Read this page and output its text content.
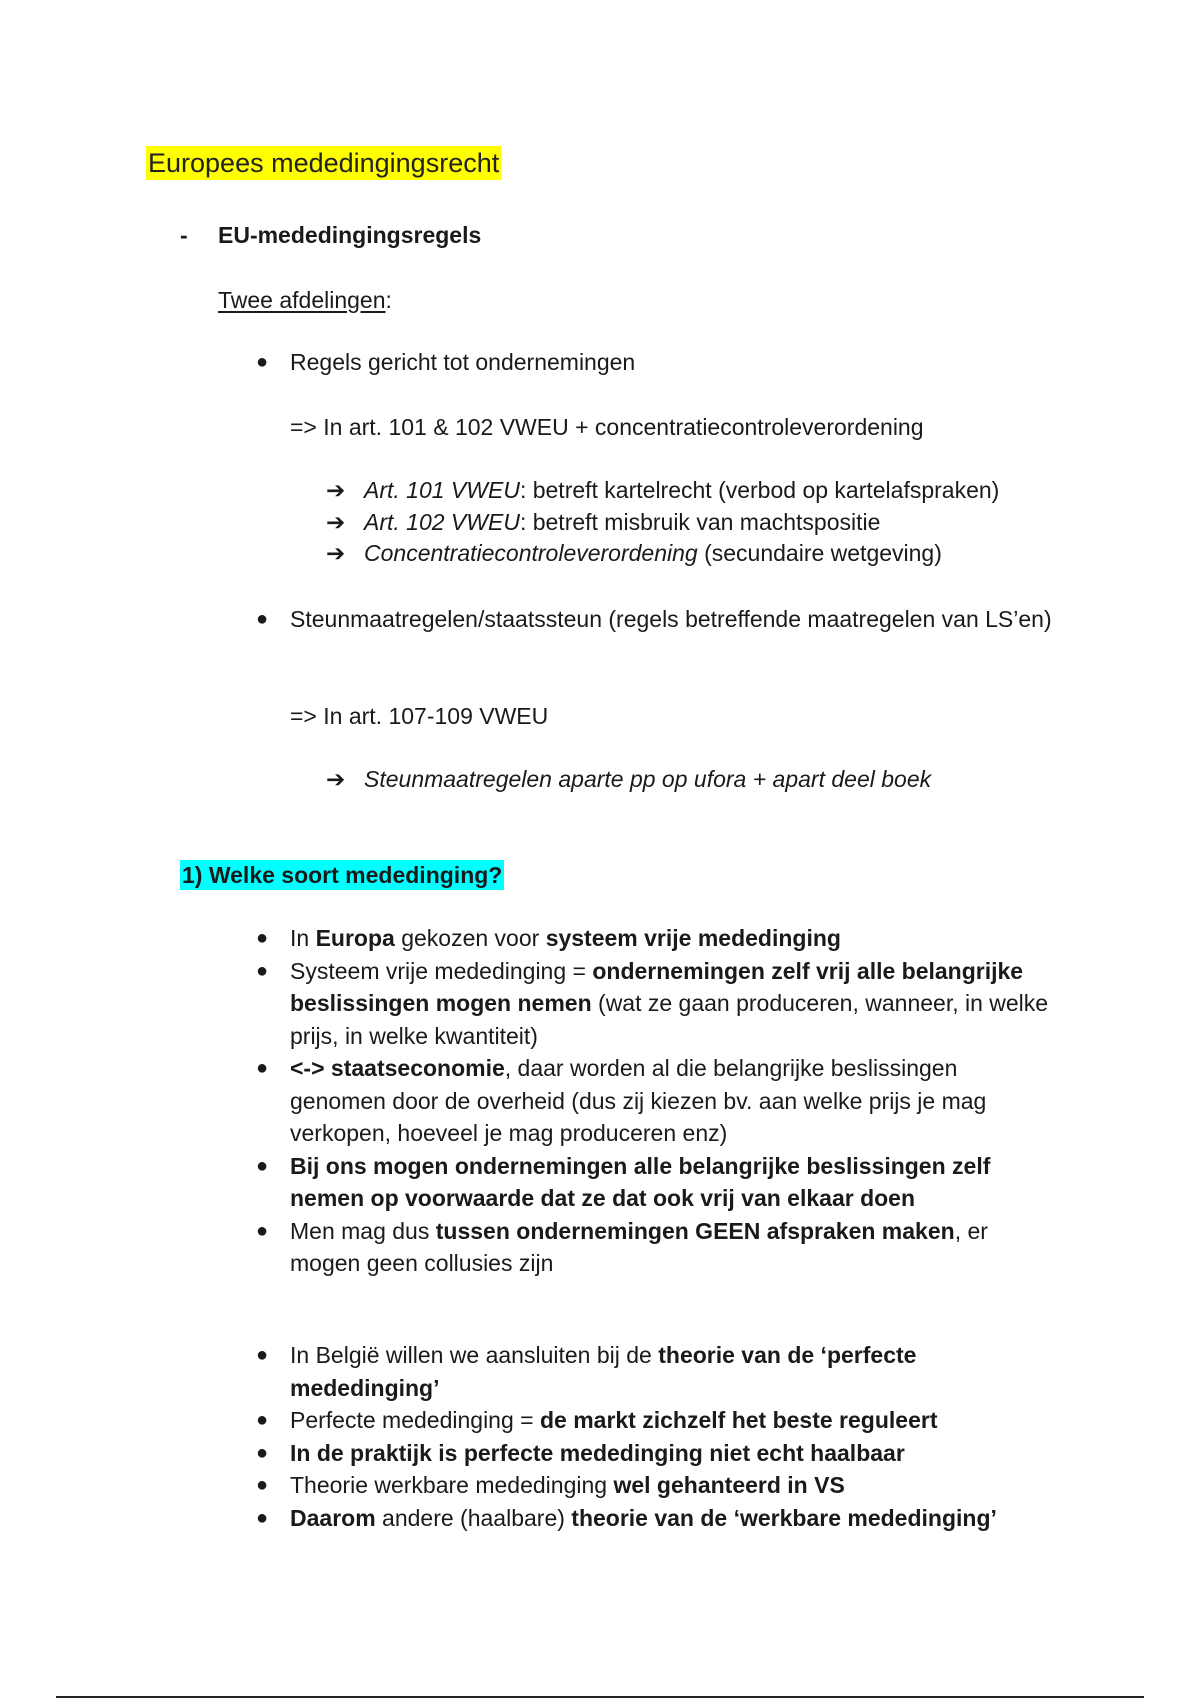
Europees mededingingsrecht
- EU-mededingingsregels
Twee afdelingen:
● Regels gericht tot ondernemingen
=> In art. 101 & 102 VWEU + concentratiecontroleverordening
➔ Art. 101 VWEU: betreft kartelrecht (verbod op kartelafspraken)
➔ Art. 102 VWEU: betreft misbruik van machtspositie
➔ Concentratiecontroleverordening (secundaire wetgeving)
● Steunmaatregelen/staatssteun (regels betreffende maatregelen van LS’en)
=> In art. 107-109 VWEU
➔ Steunmaatregelen aparte pp op ufora + apart deel boek
1) Welke soort mededinging?
● In Europa gekozen voor systeem vrije mededinging
● Systeem vrije mededinging = ondernemingen zelf vrij alle belangrijke beslissingen mogen nemen (wat ze gaan produceren, wanneer, in welke prijs, in welke kwantiteit)
● <-> staatseconomie, daar worden al die belangrijke beslissingen genomen door de overheid (dus zij kiezen bv. aan welke prijs je mag verkopen, hoeveel je mag produceren enz)
● Bij ons mogen ondernemingen alle belangrijke beslissingen zelf nemen op voorwaarde dat ze dat ook vrij van elkaar doen
● Men mag dus tussen ondernemingen GEEN afspraken maken, er mogen geen collusies zijn
● In België willen we aansluiten bij de theorie van de ‘perfecte mededinging’
● Perfecte mededinging = de markt zichzelf het beste reguleert
● In de praktijk is perfecte mededinging niet echt haalbaar
● Theorie werkbare mededinging wel gehanteerd in VS
● Daarom andere (haalbare) theorie van de ‘werkbare mededinging’
